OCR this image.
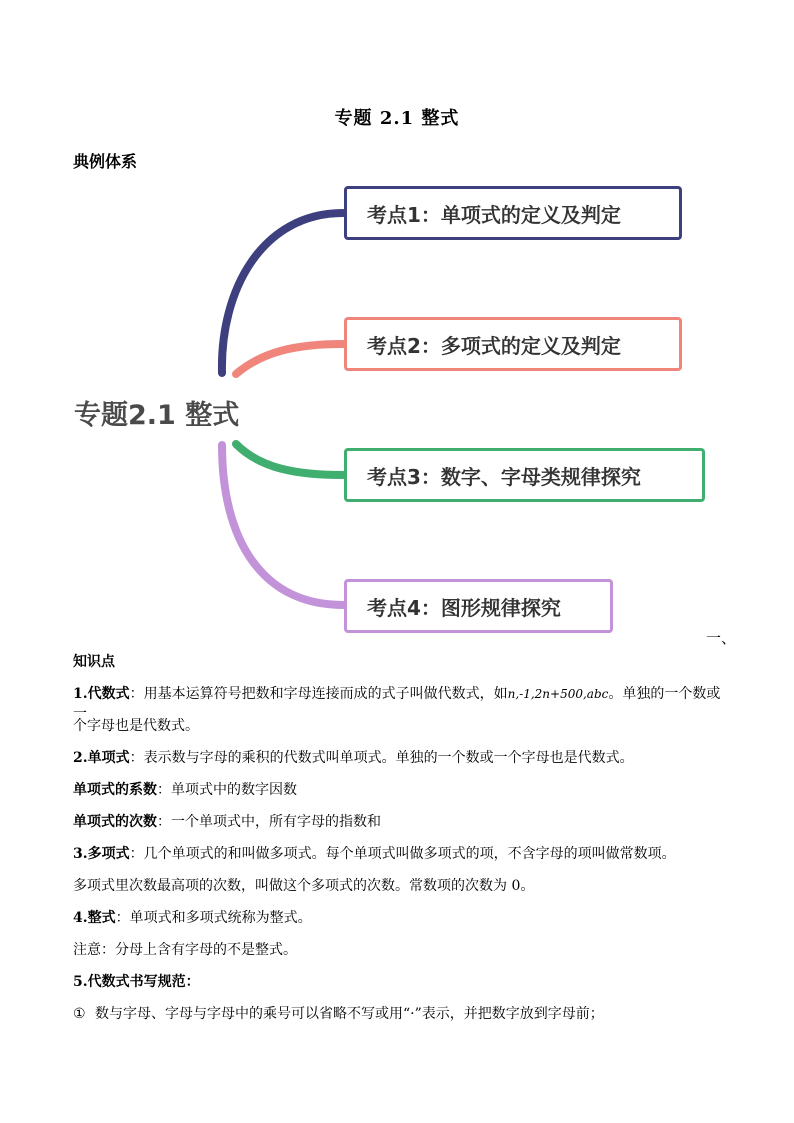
专题 2.1 整式
典例体系
考点1：单项式的定义及判定
考点2：多项式的定义及判定
考点3：数字、字母类规律探究
考点4：图形规律探究
专题2.1 整式
一、
知识点
1.代数式：用基本运算符号把数和字母连接而成的式子叫做代数式，如n,-1,2n+500,abc。单独的一个数或一
个字母也是代数式。
2.单项式：表示数与字母的乘积的代数式叫单项式。单独的一个数或一个字母也是代数式。
单项式的系数：单项式中的数字因数
单项式的次数：一个单项式中，所有字母的指数和
3.多项式：几个单项式的和叫做多项式。每个单项式叫做多项式的项，不含字母的项叫做常数项。
多项式里次数最高项的次数，叫做这个多项式的次数。常数项的次数为 0。
4.整式：单项式和多项式统称为整式。
注意：分母上含有字母的不是整式。
5.代数式书写规范：
① 数与字母、字母与字母中的乘号可以省略不写或用“·”表示，并把数字放到字母前；
